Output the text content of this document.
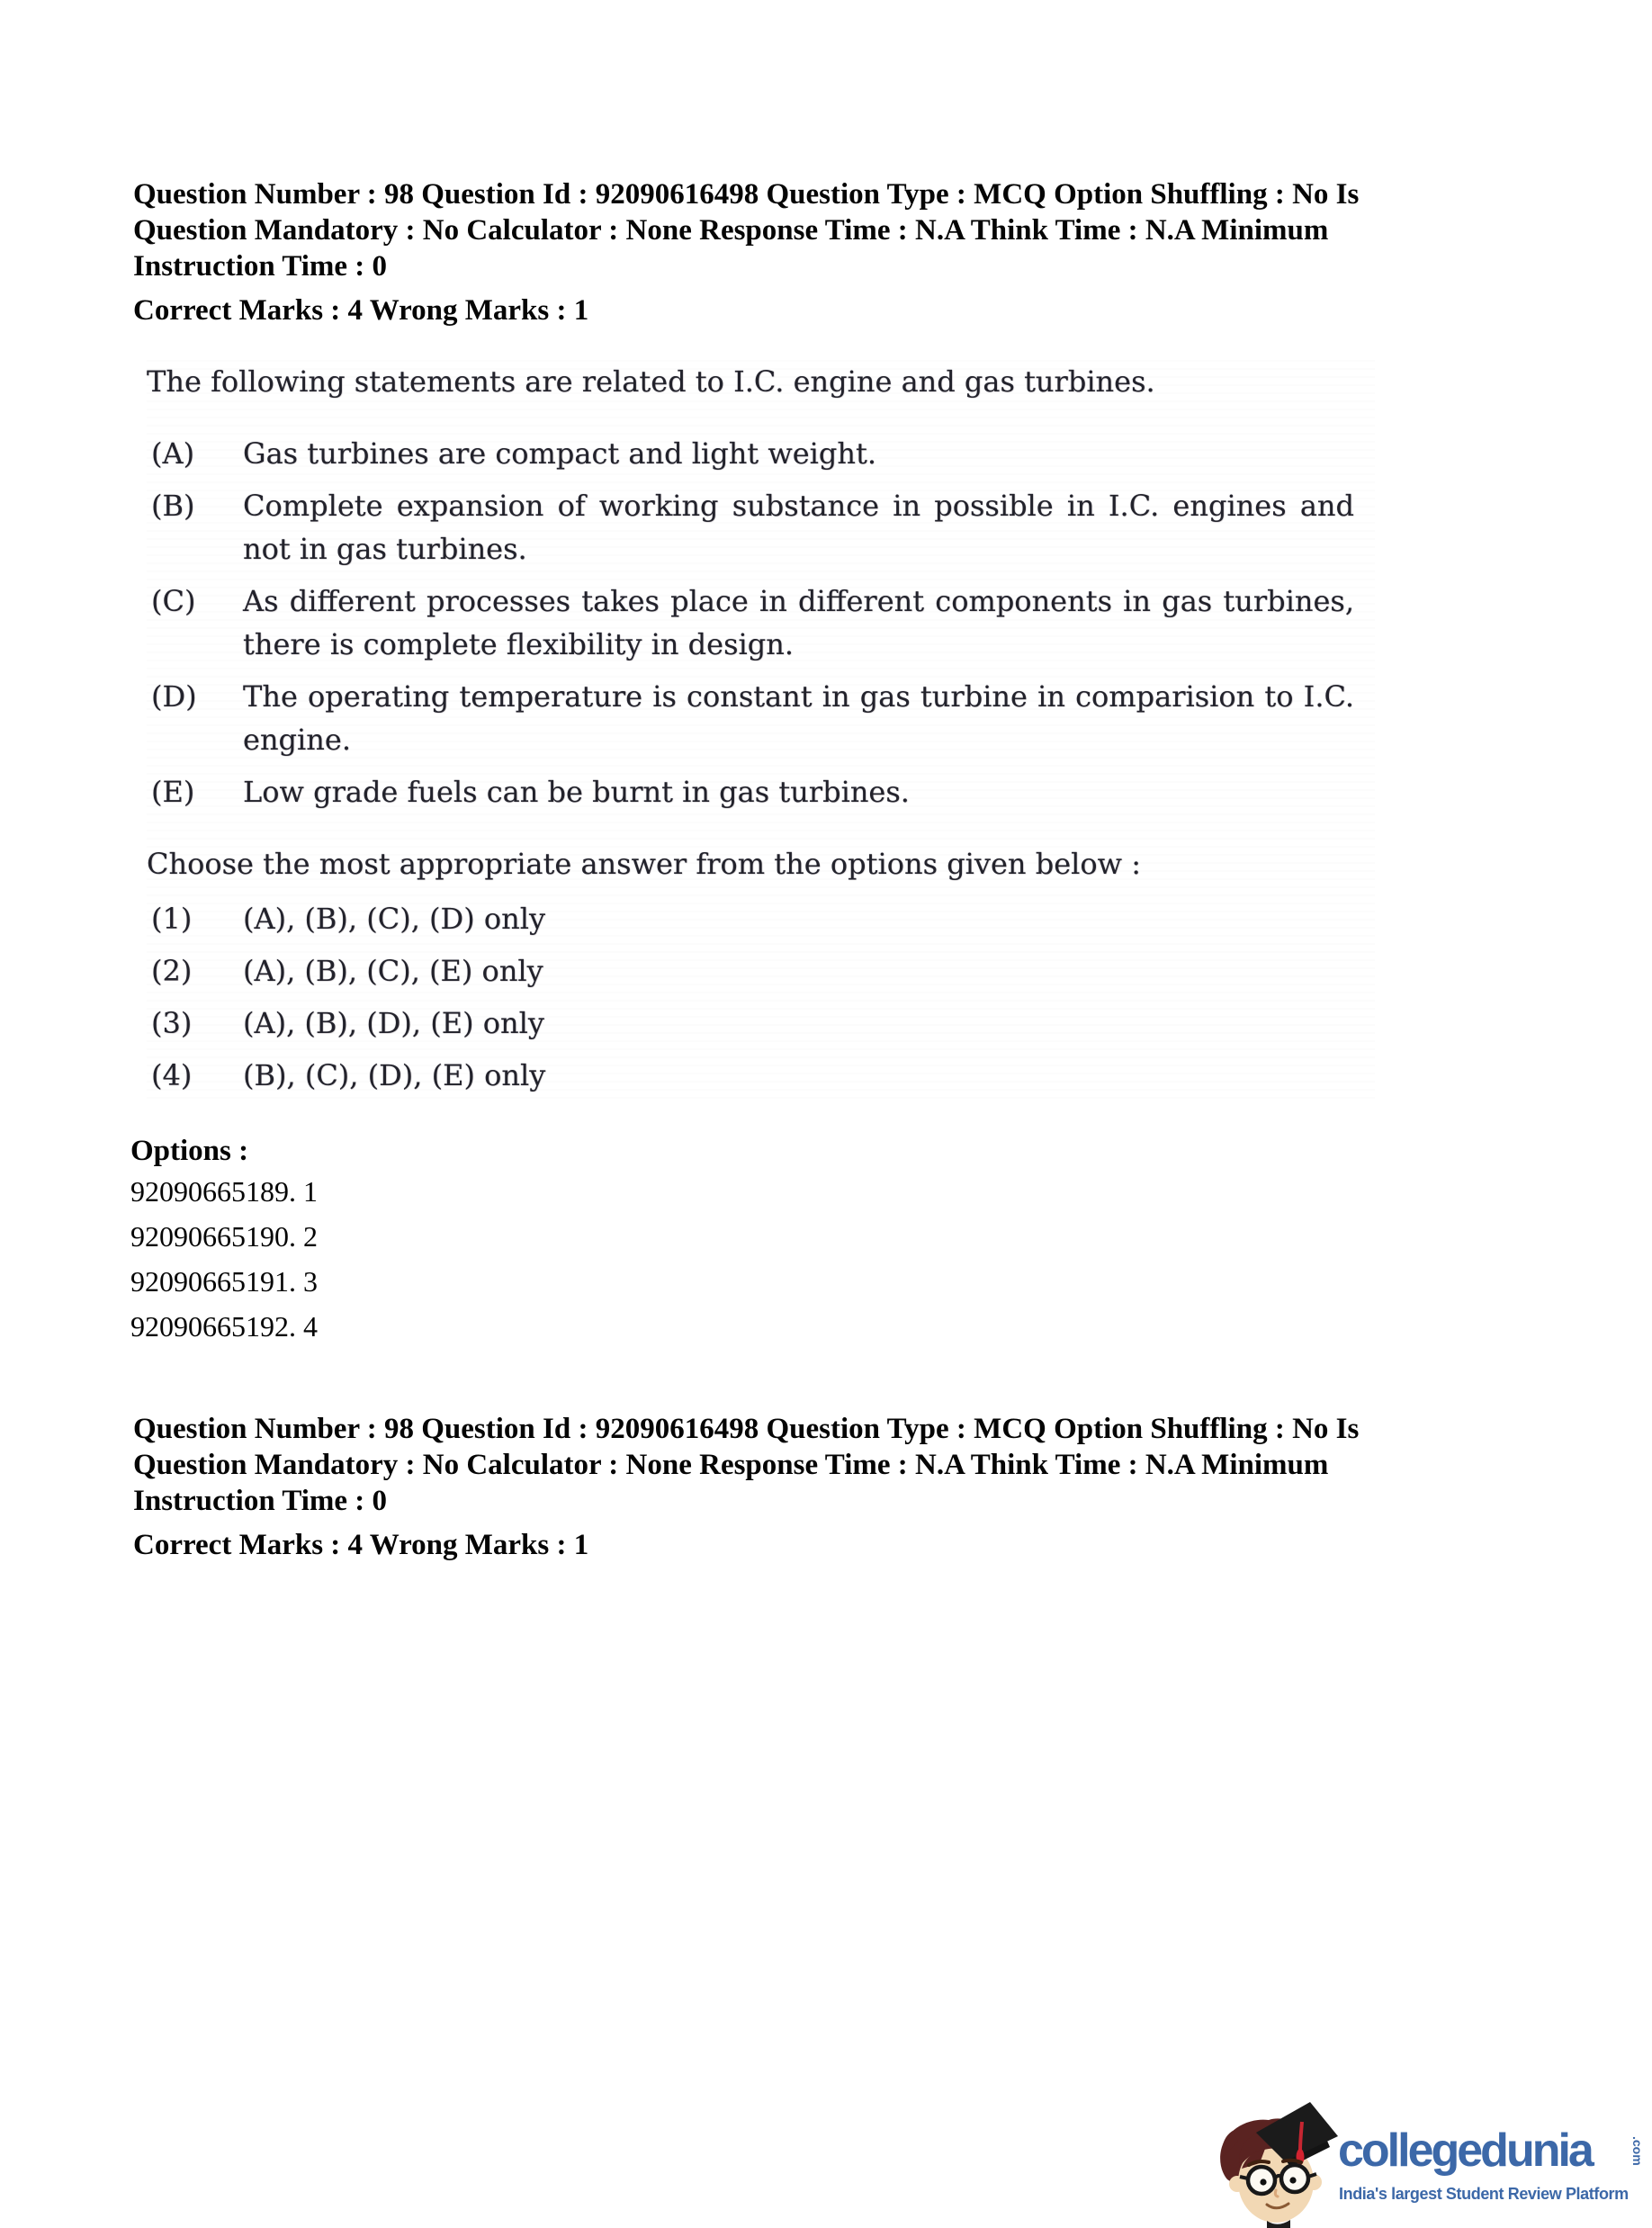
Question Number : 98 Question Id : 92090616498 Question Type : MCQ Option Shuffling : No Is
Question Mandatory : No Calculator : None Response Time : N.A Think Time : N.A Minimum
Instruction Time : 0
Correct Marks : 4 Wrong Marks : 1

The following statements are related to I.C. engine and gas turbines.

(A)	Gas turbines are compact and light weight.
(B)	Complete expansion of working substance in possible in I.C. engines and not in gas turbines.
(C)	As different processes takes place in different components in gas turbines, there is complete flexibility in design.
(D)	The operating temperature is constant in gas turbine in comparision to I.C. engine.
(E)	Low grade fuels can be burnt in gas turbines.

Choose the most appropriate answer from the options given below :

(1)	(A), (B), (C), (D) only
(2)	(A), (B), (C), (E) only
(3)	(A), (B), (D), (E) only
(4)	(B), (C), (D), (E) only
Options :
92090665189. 1
92090665190. 2
92090665191. 3
92090665192. 4
Question Number : 98 Question Id : 92090616498 Question Type : MCQ Option Shuffling : No Is
Question Mandatory : No Calculator : None Response Time : N.A Think Time : N.A Minimum
Instruction Time : 0
Correct Marks : 4 Wrong Marks : 1
collegedunia	.com
India's largest Student Review Platform
